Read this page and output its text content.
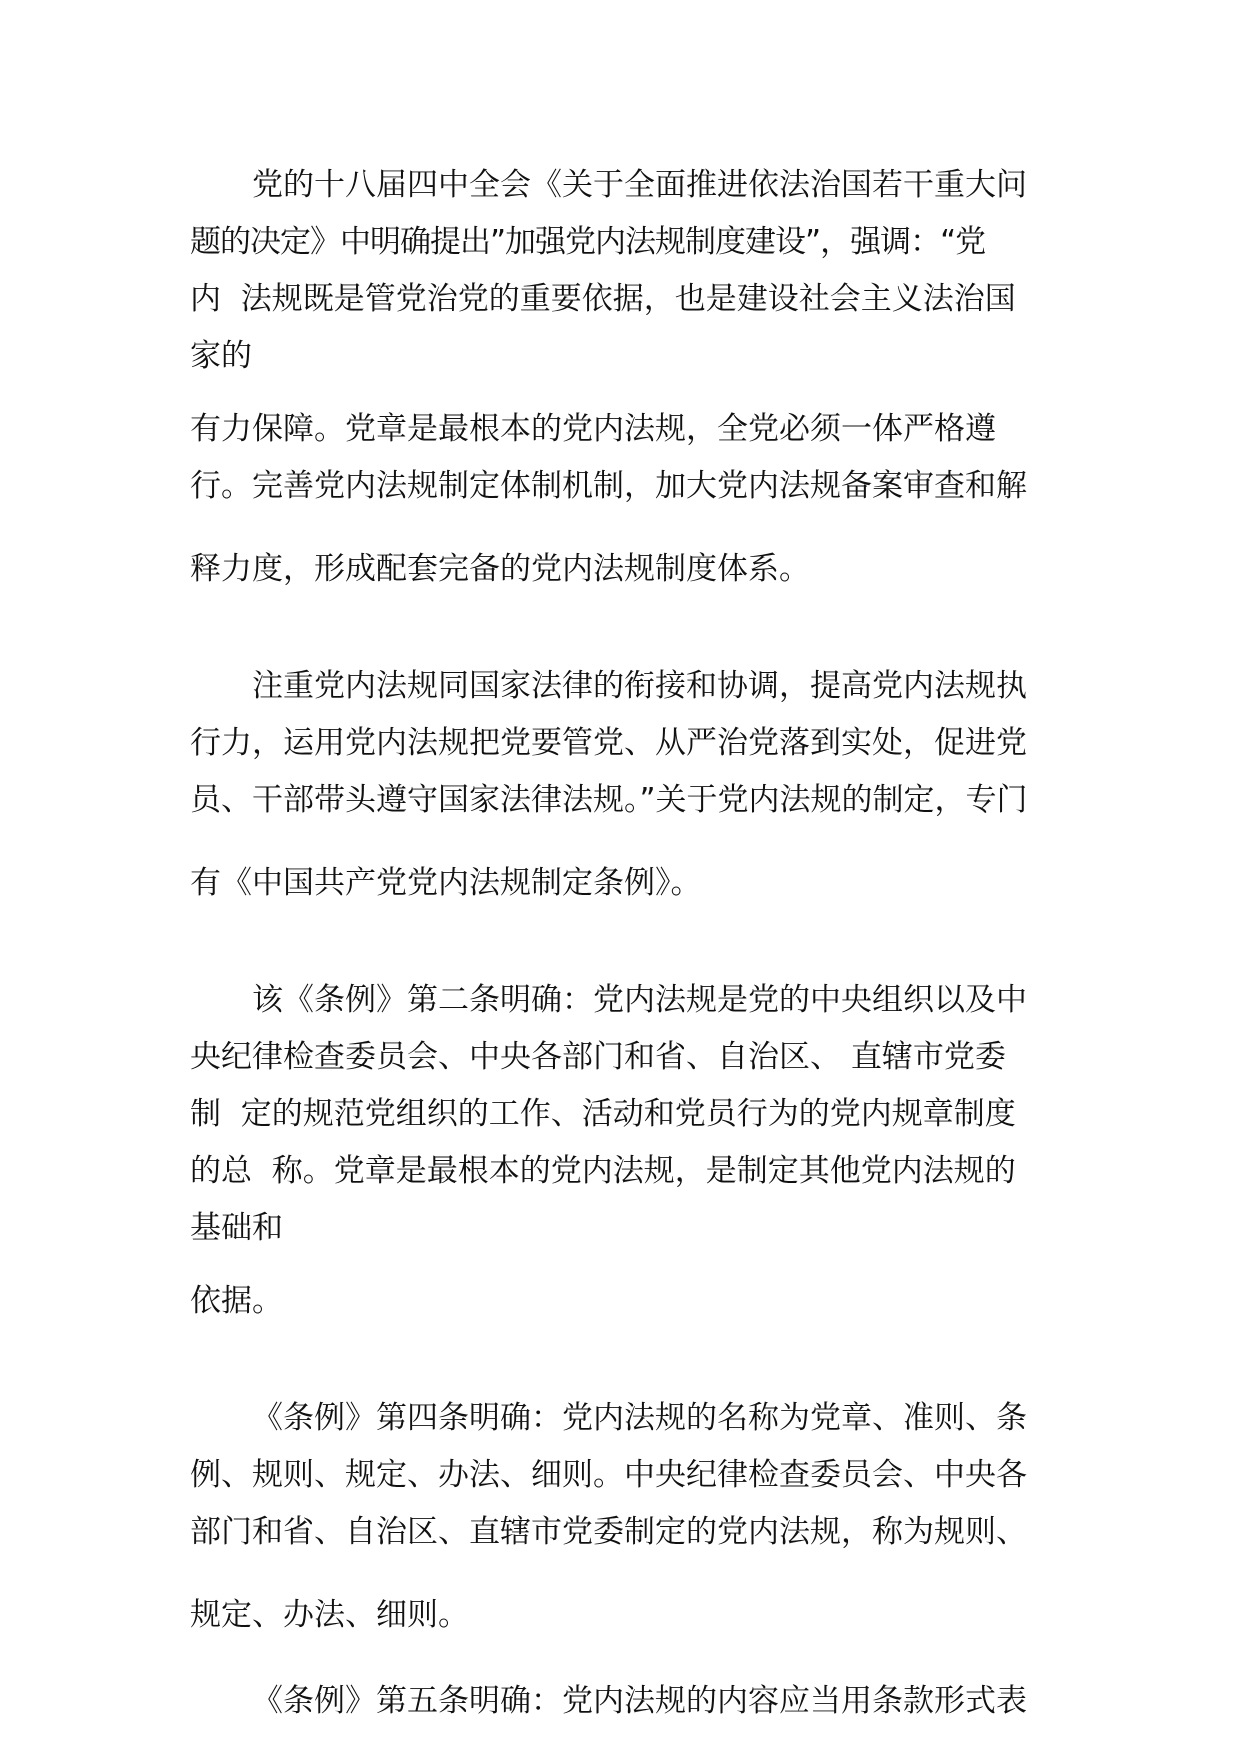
党的十八届四中全会《关于全面推进依法治国若干重大问

题的决定》中明确提出”加强党内法规制度建设”，强调：“党

内  法规既是管党治党的重要依据，也是建设社会主义法治国

家的

有力保障。党章是最根本的党内法规，全党必须一体严格遵

行。完善党内法规制定体制机制，加大党内法规备案审查和解

释力度，形成配套完备的党内法规制度体系。

注重党内法规同国家法律的衔接和协调，提高党内法规执

行力，运用党内法规把党要管党、从严治党落到实处，促进党

员、干部带头遵守国家法律法规。”关于党内法规的制定，专门

有《中国共产党党内法规制定条例》。

该《条例》第二条明确：党内法规是党的中央组织以及中

央纪律检查委员会、中央各部门和省、自治区、 直辖市党委

制  定的规范党组织的工作、活动和党员行为的党内规章制度

的总  称。党章是最根本的党内法规，是制定其他党内法规的

基础和

依据。

《条例》第四条明确：党内法规的名称为党章、准则、条

例、规则、规定、办法、细则。中央纪律检查委员会、中央各

部门和省、自治区、直辖市党委制定的党内法规，称为规则、

规定、办法、细则。

《条例》第五条明确：党内法规的内容应当用条款形式表
